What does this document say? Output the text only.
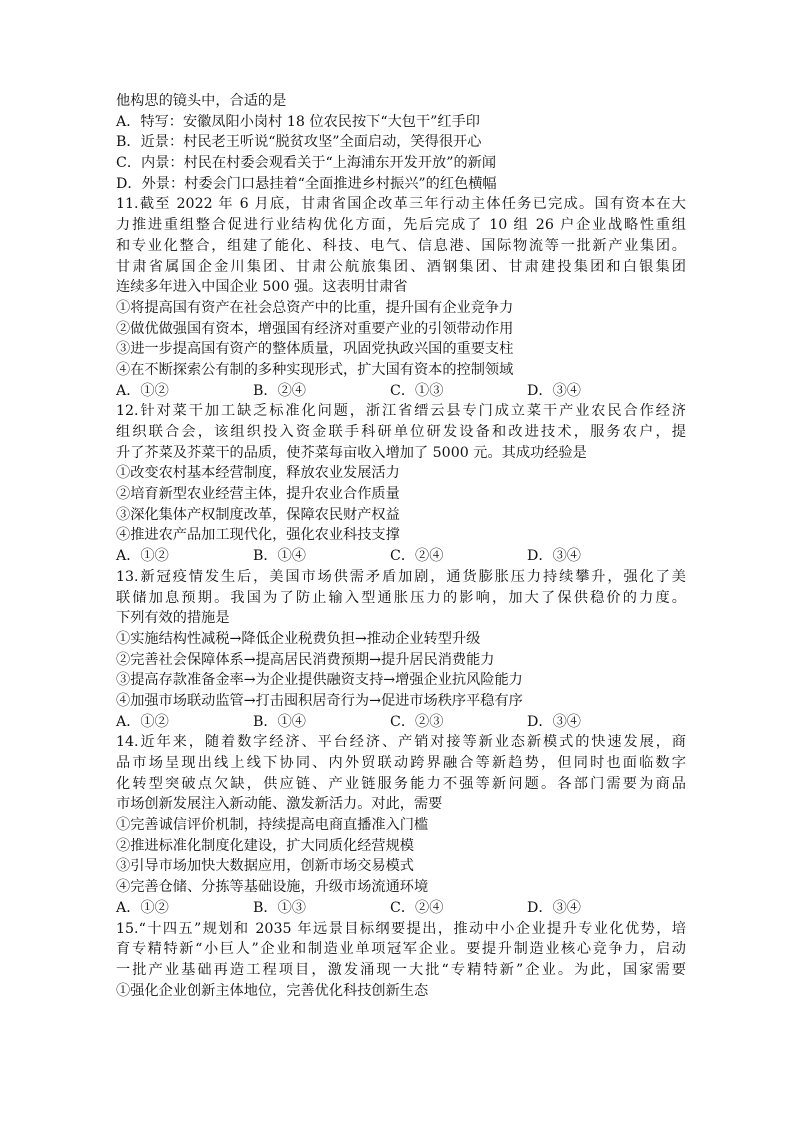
他构思的镜头中，合适的是
A．特写：安徽凤阳小岗村 18 位农民按下“大包干”红手印
B．近景：村民老王听说“脱贫攻坚”全面启动，笑得很开心
C．内景：村民在村委会观看关于“上海浦东开发开放”的新闻
D．外景：村委会门口悬挂着“全面推进乡村振兴”的红色横幅
11.截至 2022 年 6 月底，甘肃省国企改革三年行动主体任务已完成。国有资本在大
力推进重组整合促进行业结构优化方面，先后完成了 10 组 26 户企业战略性重组
和专业化整合，组建了能化、科技、电气、信息港、国际物流等一批新产业集团。
甘肃省属国企金川集团、甘肃公航旅集团、酒钢集团、甘肃建投集团和白银集团
连续多年进入中国企业 500 强。这表明甘肃省
①将提高国有资产在社会总资产中的比重，提升国有企业竞争力
②做优做强国有资本，增强国有经济对重要产业的引领带动作用
③进一步提高国有资产的整体质量，巩固党执政兴国的重要支柱
④在不断探索公有制的多种实现形式，扩大国有资本的控制领域
A．①②	B．②④	C．①③	D．③④
12.针对菜干加工缺乏标准化问题，浙江省缙云县专门成立菜干产业农民合作经济
组织联合会，该组织投入资金联手科研单位研发设备和改进技术，服务农户，提
升了芥菜及芥菜干的品质，使芥菜每亩收入增加了 5000 元。其成功经验是
①改变农村基本经营制度，释放农业发展活力
②培育新型农业经营主体，提升农业合作质量
③深化集体产权制度改革，保障农民财产权益
④推进农产品加工现代化，强化农业科技支撑
A．①②	B．①④	C．②④	D．③④
13.新冠疫情发生后，美国市场供需矛盾加剧，通货膨胀压力持续攀升，强化了美
联储加息预期。我国为了防止输入型通胀压力的影响，加大了保供稳价的力度。
下列有效的措施是
①实施结构性减税→降低企业税费负担→推动企业转型升级
②完善社会保障体系→提高居民消费预期→提升居民消费能力
③提高存款准备金率→为企业提供融资支持→增强企业抗风险能力
④加强市场联动监管→打击囤积居奇行为→促进市场秩序平稳有序
A．①②	B．①④	C．②③	D．③④
14.近年来，随着数字经济、平台经济、产销对接等新业态新模式的快速发展，商
品市场呈现出线上线下协同、内外贸联动跨界融合等新趋势，但同时也面临数字
化转型突破点欠缺，供应链、产业链服务能力不强等新问题。各部门需要为商品
市场创新发展注入新动能、激发新活力。对此，需要
①完善诚信评价机制，持续提高电商直播准入门槛
②推进标准化制度化建设，扩大同质化经营规模
③引导市场加快大数据应用，创新市场交易模式
④完善仓储、分拣等基础设施，升级市场流通环境
A．①②	B．①③	C．②④	D．③④
15.“十四五”规划和 2035 年远景目标纲要提出，推动中小企业提升专业化优势，培
育专精特新“小巨人”企业和制造业单项冠军企业。要提升制造业核心竞争力，启动
一批产业基础再造工程项目，激发涌现一大批“专精特新”企业。为此，国家需要
①强化企业创新主体地位，完善优化科技创新生态
